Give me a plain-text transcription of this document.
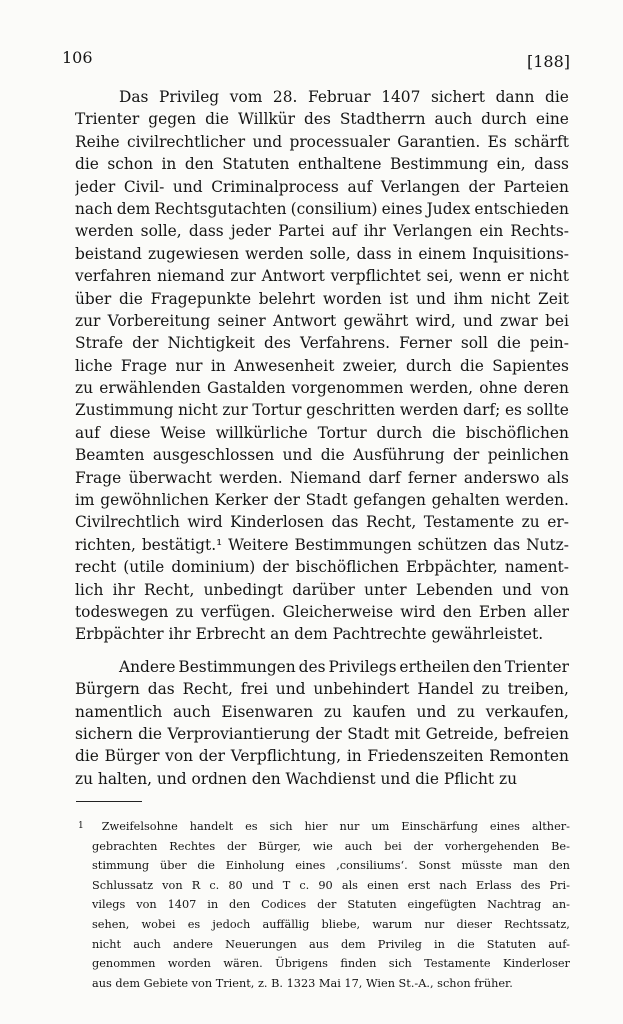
106	[188]
Das Privileg vom 28. Februar 1407 sichert dann die
Trienter gegen die Willkür des Stadtherrn auch durch eine
Reihe civilrechtlicher und processualer Garantien. Es schärft
die schon in den Statuten enthaltene Bestimmung ein, dass
jeder Civil- und Criminalprocess auf Verlangen der Parteien
nach dem Rechtsgutachten (consilium) eines Judex entschieden
werden solle, dass jeder Partei auf ihr Verlangen ein Rechts-
beistand zugewiesen werden solle, dass in einem Inquisitions-
verfahren niemand zur Antwort verpflichtet sei, wenn er nicht
über die Fragepunkte belehrt worden ist und ihm nicht Zeit
zur Vorbereitung seiner Antwort gewährt wird, und zwar bei
Strafe der Nichtigkeit des Verfahrens. Ferner soll die pein-
liche Frage nur in Anwesenheit zweier, durch die Sapientes
zu erwählenden Gastalden vorgenommen werden, ohne deren
Zustimmung nicht zur Tortur geschritten werden darf; es sollte
auf diese Weise willkürliche Tortur durch die bischöflichen
Beamten ausgeschlossen und die Ausführung der peinlichen
Frage überwacht werden. Niemand darf ferner anderswo als
im gewöhnlichen Kerker der Stadt gefangen gehalten werden.
Civilrechtlich wird Kinderlosen das Recht, Testamente zu er-
richten, bestätigt.¹ Weitere Bestimmungen schützen das Nutz-
recht (utile dominium) der bischöflichen Erbpächter, nament-
lich ihr Recht, unbedingt darüber unter Lebenden und von
todeswegen zu verfügen. Gleicherweise wird den Erben aller
Erbpächter ihr Erbrecht an dem Pachtrechte gewährleistet.
Andere Bestimmungen des Privilegs ertheilen den Trienter
Bürgern das Recht, frei und unbehindert Handel zu treiben,
namentlich auch Eisenwaren zu kaufen und zu verkaufen,
sichern die Verproviantierung der Stadt mit Getreide, befreien
die Bürger von der Verpflichtung, in Friedenszeiten Remonten
zu halten, und ordnen den Wachdienst und die Pflicht zu
1 Zweifelsohne handelt es sich hier nur um Einschärfung eines alther-
gebrachten Rechtes der Bürger, wie auch bei der vorhergehenden Be-
stimmung über die Einholung eines ‚consiliums‘. Sonst müsste man den
Schlussatz von R c. 80 und T c. 90 als einen erst nach Erlass des Pri-
vilegs von 1407 in den Codices der Statuten eingefügten Nachtrag an-
sehen, wobei es jedoch auffällig bliebe, warum nur dieser Rechtssatz,
nicht auch andere Neuerungen aus dem Privileg in die Statuten auf-
genommen worden wären. Übrigens finden sich Testamente Kinderloser
aus dem Gebiete von Trient, z. B. 1323 Mai 17, Wien St.-A., schon früher.
